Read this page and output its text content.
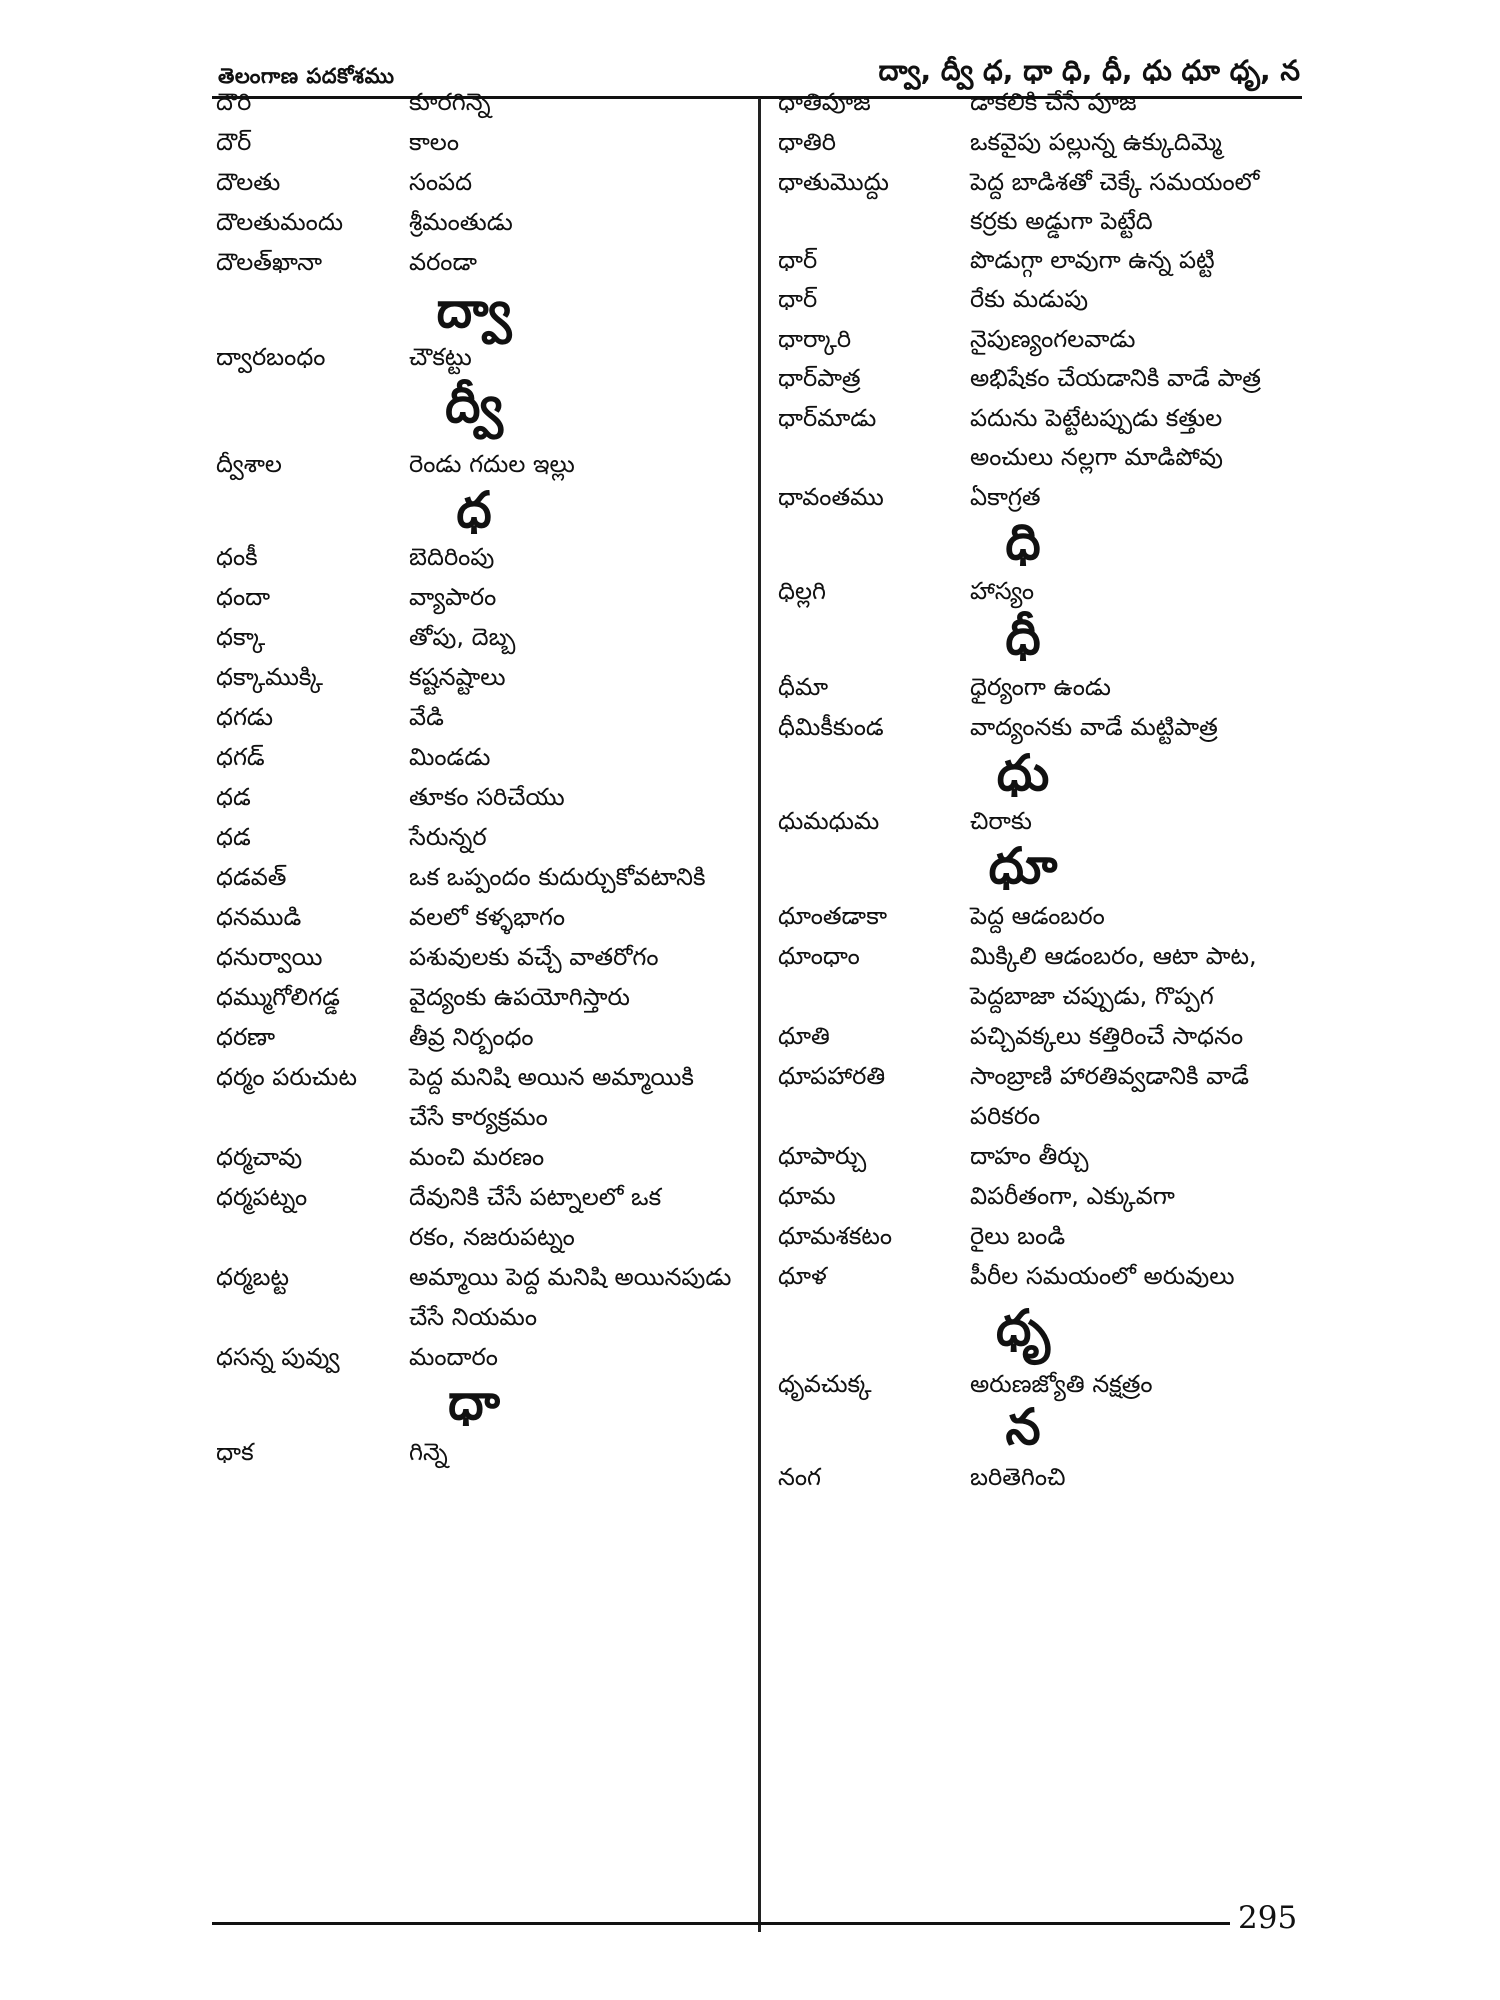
తెలంగాణ పదకోశము	ద్వా, ద్వీ ధ, ధా ధి, ధీ, ధు ధూ ధృ, న
దౌరి	కూరగిన్నె
దౌర్	కాలం
దౌలతు	సంపద
దౌలతుమందు	శ్రీమంతుడు
దౌలత్‌ఖానా	వరండా
ద్వా
ద్వారబంధం	చౌకట్టు
ద్వీ
ద్వీశాల	రెండు గదుల ఇల్లు
ధ
ధంకీ	బెదిరింపు
ధందా	వ్యాపారం
ధక్కా	తోపు, దెబ్బ
ధక్కాముక్కి	కష్టనష్టాలు
ధగడు	వేడి
ధగడ్	మిండడు
ధడ	తూకం సరిచేయు
ధడ	సేరున్నర
ధడవత్	ఒక ఒప్పందం కుదుర్చుకోవటానికి
ధనముడి	వలలో కళ్ళభాగం
ధనుర్వాయి	పశువులకు వచ్చే వాతరోగం
ధమ్ముగోలిగడ్డ	వైద్యంకు ఉపయోగిస్తారు
ధరణా	తీవ్ర నిర్బంధం
ధర్మం పరుచుట	పెద్ద మనిషి అయిన అమ్మాయికి
చేసే కార్యక్రమం
ధర్మచావు	మంచి మరణం
ధర్మపట్నం	దేవునికి చేసే పట్నాలలో ఒక
రకం, నజరుపట్నం
ధర్మబట్ట	అమ్మాయి పెద్ద మనిషి అయినపుడు
చేసే నియమం
ధసన్న పువ్వు	మందారం
ధా
ధాక	గిన్నె
ధాతిపూజ	డాకలికి చేసే పూజ
ధాతిరి	ఒకవైపు పల్లున్న ఉక్కుదిమ్మె
ధాతుమొద్దు	పెద్ద బాడిశతో చెక్కే సమయంలో
కర్రకు అడ్డుగా పెట్టేది
ధార్	పొడుగ్గా లావుగా ఉన్న పట్టి
ధార్	రేకు మడుపు
ధార్కారి	నైపుణ్యంగలవాడు
ధార్‌పాత్ర	అభిషేకం చేయడానికి వాడే పాత్ర
ధార్‌మాడు	పదును పెట్టేటప్పుడు కత్తుల
అంచులు నల్లగా మాడిపోవు
ధావంతము	ఏకాగ్రత
ధి
ధిల్లగి	హాస్యం
ధీ
ధీమా	ధైర్యంగా ఉండు
ధీమికీకుండ	వాద్యంనకు వాడే మట్టిపాత్ర
ధు
ధుమధుమ	చిరాకు
ధూ
ధూంతడాకా	పెద్ద ఆడంబరం
ధూంధాం	మిక్కిలి ఆడంబరం, ఆటా పాట,
పెద్దబాజా చప్పుడు, గొప్పగ
ధూతి	పచ్చివక్కలు కత్తిరించే సాధనం
ధూపహారతి	సాంబ్రాణి హారతివ్వడానికి వాడే
పరికరం
ధూపార్చు	దాహం తీర్చు
ధూమ	విపరీతంగా, ఎక్కువగా
ధూమశకటం	రైలు బండి
ధూళ	పీరీల సమయంలో అరువులు
ధృ
ధృవచుక్క	అరుణజ్యోతి నక్షత్రం
న
నంగ	బరితెగించి
295
